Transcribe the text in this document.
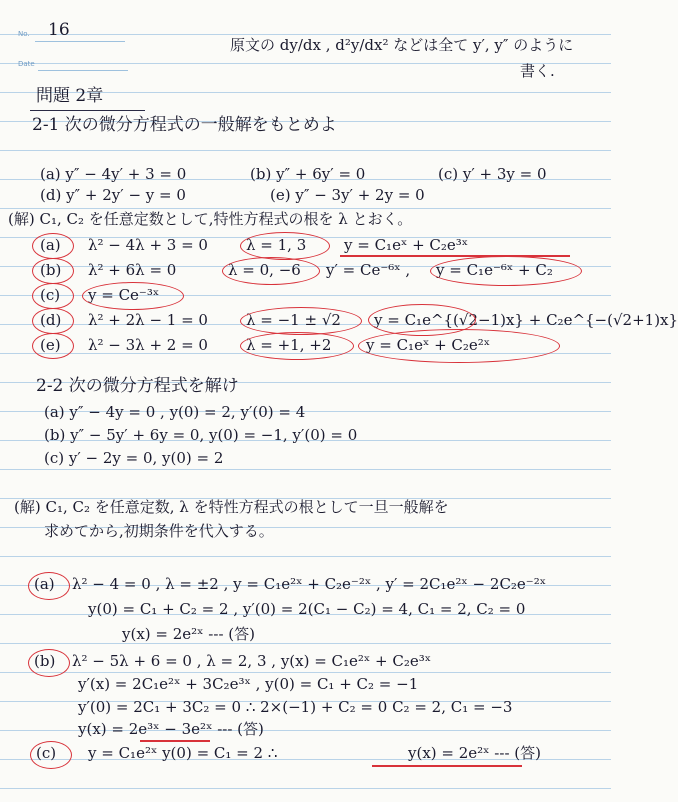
No.
Date
16
原文の dy/dx , d²y/dx² などは全て y′, y″ のように
書く.
問題 2章
2-1 次の微分方程式の一般解をもとめよ
(a) y″ − 4y′ + 3 = 0	(b) y″ + 6y′ = 0	(c) y′ + 3y = 0
(d) y″ + 2y′ − y = 0	(e) y″ − 3y′ + 2y = 0
(解) C₁, C₂ を任意定数として,特性方程式の根を λ とおく。
(a) λ² − 4λ + 3 = 0	λ = 1, 3	y = C₁eˣ + C₂e³ˣ
(b) λ² + 6λ = 0	λ = 0, −6 y′ = Ce⁻⁶ˣ , y = C₁e⁻⁶ˣ + C₂
(c) y = Ce⁻³ˣ
(d) λ² + 2λ − 1 = 0	λ = −1 ± √2 y = C₁e^{(√2−1)x} + C₂e^{−(√2+1)x}
(e) λ² − 3λ + 2 = 0	λ = +1, +2 y = C₁eˣ + C₂e²ˣ
2-2 次の微分方程式を解け
(a) y″ − 4y = 0 , y(0) = 2, y′(0) = 4
(b) y″ − 5y′ + 6y = 0, y(0) = −1, y′(0) = 0
(c) y′ − 2y = 0, y(0) = 2
(解) C₁, C₂ を任意定数, λ を特性方程式の根として一旦一般解を
求めてから,初期条件を代入する。
(a) λ² − 4 = 0 , λ = ±2 , y = C₁e²ˣ + C₂e⁻²ˣ , y′ = 2C₁e²ˣ − 2C₂e⁻²ˣ
y(0) = C₁ + C₂ = 2 , y′(0) = 2(C₁ − C₂) = 4, C₁ = 2, C₂ = 0
y(x) = 2e²ˣ --- (答)
(b) λ² − 5λ + 6 = 0 , λ = 2, 3 , y(x) = C₁e²ˣ + C₂e³ˣ
y′(x) = 2C₁e²ˣ + 3C₂e³ˣ , y(0) = C₁ + C₂ = −1
y′(0) = 2C₁ + 3C₂ = 0 ∴ 2×(−1) + C₂ = 0 C₂ = 2, C₁ = −3
y(x) = 2e³ˣ − 3e²ˣ --- (答)
(c) y = C₁e²ˣ y(0) = C₁ = 2 ∴	y(x) = 2e²ˣ --- (答)
